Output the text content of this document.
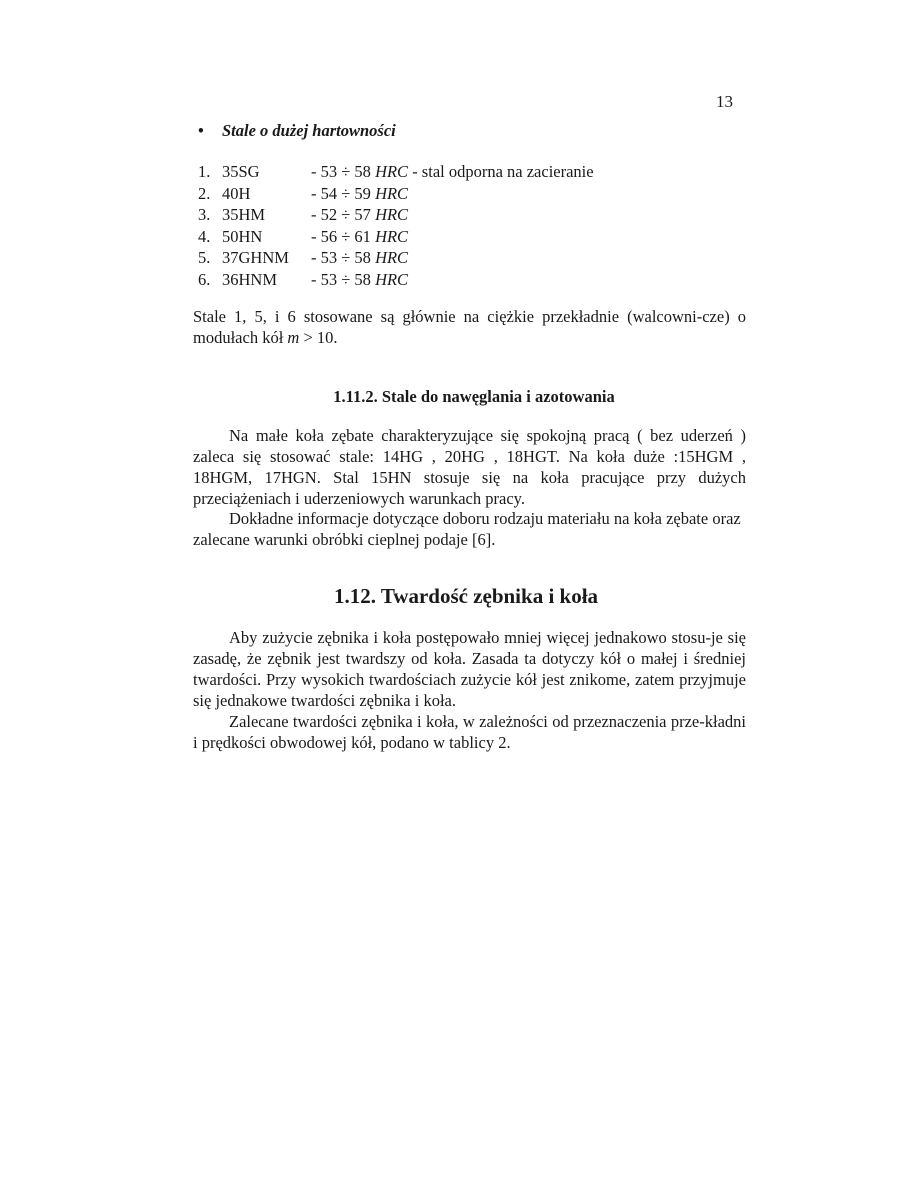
13
• Stale o dużej hartowności
1. 35SG	- 53 ÷ 58 HRC - stal odporna na zacieranie
2. 40H	- 54 ÷ 59 HRC
3. 35HM	- 52 ÷ 57 HRC
4. 50HN	- 56 ÷ 61 HRC
5. 37GHNM - 53 ÷ 58 HRC
6. 36HNM - 53 ÷ 58 HRC

Stale 1, 5, i 6 stosowane są głównie na ciężkie przekładnie (walcowni-cze) o modułach kół m > 10.

1.11.2. Stale do nawęglania i azotowania

Na małe koła zębate charakteryzujące się spokojną pracą ( bez uderzeń ) zaleca się stosować stale: 14HG , 20HG , 18HGT. Na koła duże :15HGM , 18HGM, 17HGN. Stal 15HN stosuje się na koła pracujące przy dużych przeciążeniach i uderzeniowych warunkach pracy.

Dokładne informacje dotyczące doboru rodzaju materiału na koła zębate oraz zalecane warunki obróbki cieplnej podaje [6].

1.12. Twardość zębnika i koła

Aby zużycie zębnika i koła postępowało mniej więcej jednakowo stosu-je się zasadę, że zębnik jest twardszy od koła. Zasada ta dotyczy kół o małej i średniej twardości. Przy wysokich twardościach zużycie kół jest znikome, zatem przyjmuje się jednakowe twardości zębnika i koła.

Zalecane twardości zębnika i koła, w zależności od przeznaczenia prze-kładni i prędkości obwodowej kół, podano w tablicy 2.
